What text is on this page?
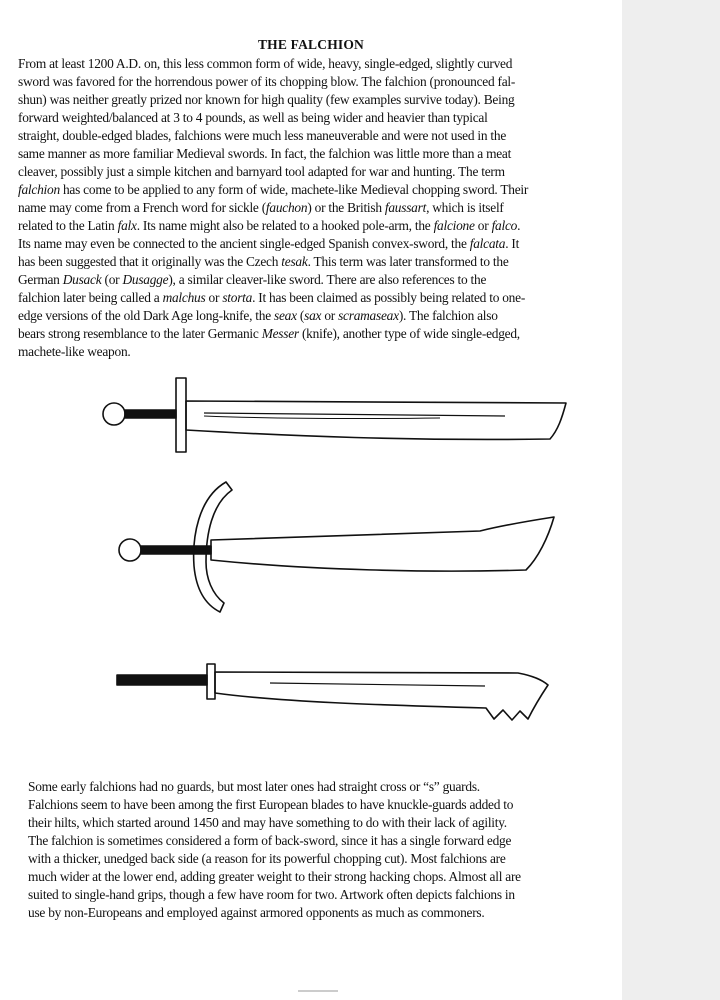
THE FALCHION
From at least 1200 A.D. on, this less common form of wide, heavy, single-edged, slightly curved
sword was favored for the horrendous power of its chopping blow. The falchion (pronounced fal-
shun) was neither greatly prized nor known for high quality (few examples survive today). Being
forward weighted/balanced at 3 to 4 pounds, as well as being wider and heavier than typical
straight, double-edged blades, falchions were much less maneuverable and were not used in the
same manner as more familiar Medieval swords. In fact, the falchion was little more than a meat
cleaver, possibly just a simple kitchen and barnyard tool adapted for war and hunting. The term
falchion has come to be applied to any form of wide, machete-like Medieval chopping sword. Their
name may come from a French word for sickle (fauchon) or the British faussart, which is itself
related to the Latin falx. Its name might also be related to a hooked pole-arm, the falcione or falco.
Its name may even be connected to the ancient single-edged Spanish convex-sword, the falcata. It
has been suggested that it originally was the Czech tesak. This term was later transformed to the
German Dusack (or Dusagge), a similar cleaver-like sword. There are also references to the
falchion later being called a malchus or storta. It has been claimed as possibly being related to one-
edge versions of the old Dark Age long-knife, the seax (sax or scramaseax). The falchion also
bears strong resemblance to the later Germanic Messer (knife), another type of wide single-edged,
machete-like weapon.
Some early falchions had no guards, but most later ones had straight cross or “s” guards.
Falchions seem to have been among the first European blades to have knuckle-guards added to
their hilts, which started around 1450 and may have something to do with their lack of agility.
The falchion is sometimes considered a form of back-sword, since it has a single forward edge
with a thicker, unedged back side (a reason for its powerful chopping cut). Most falchions are
much wider at the lower end, adding greater weight to their strong hacking chops. Almost all are
suited to single-hand grips, though a few have room for two. Artwork often depicts falchions in
use by non-Europeans and employed against armored opponents as much as commoners.
